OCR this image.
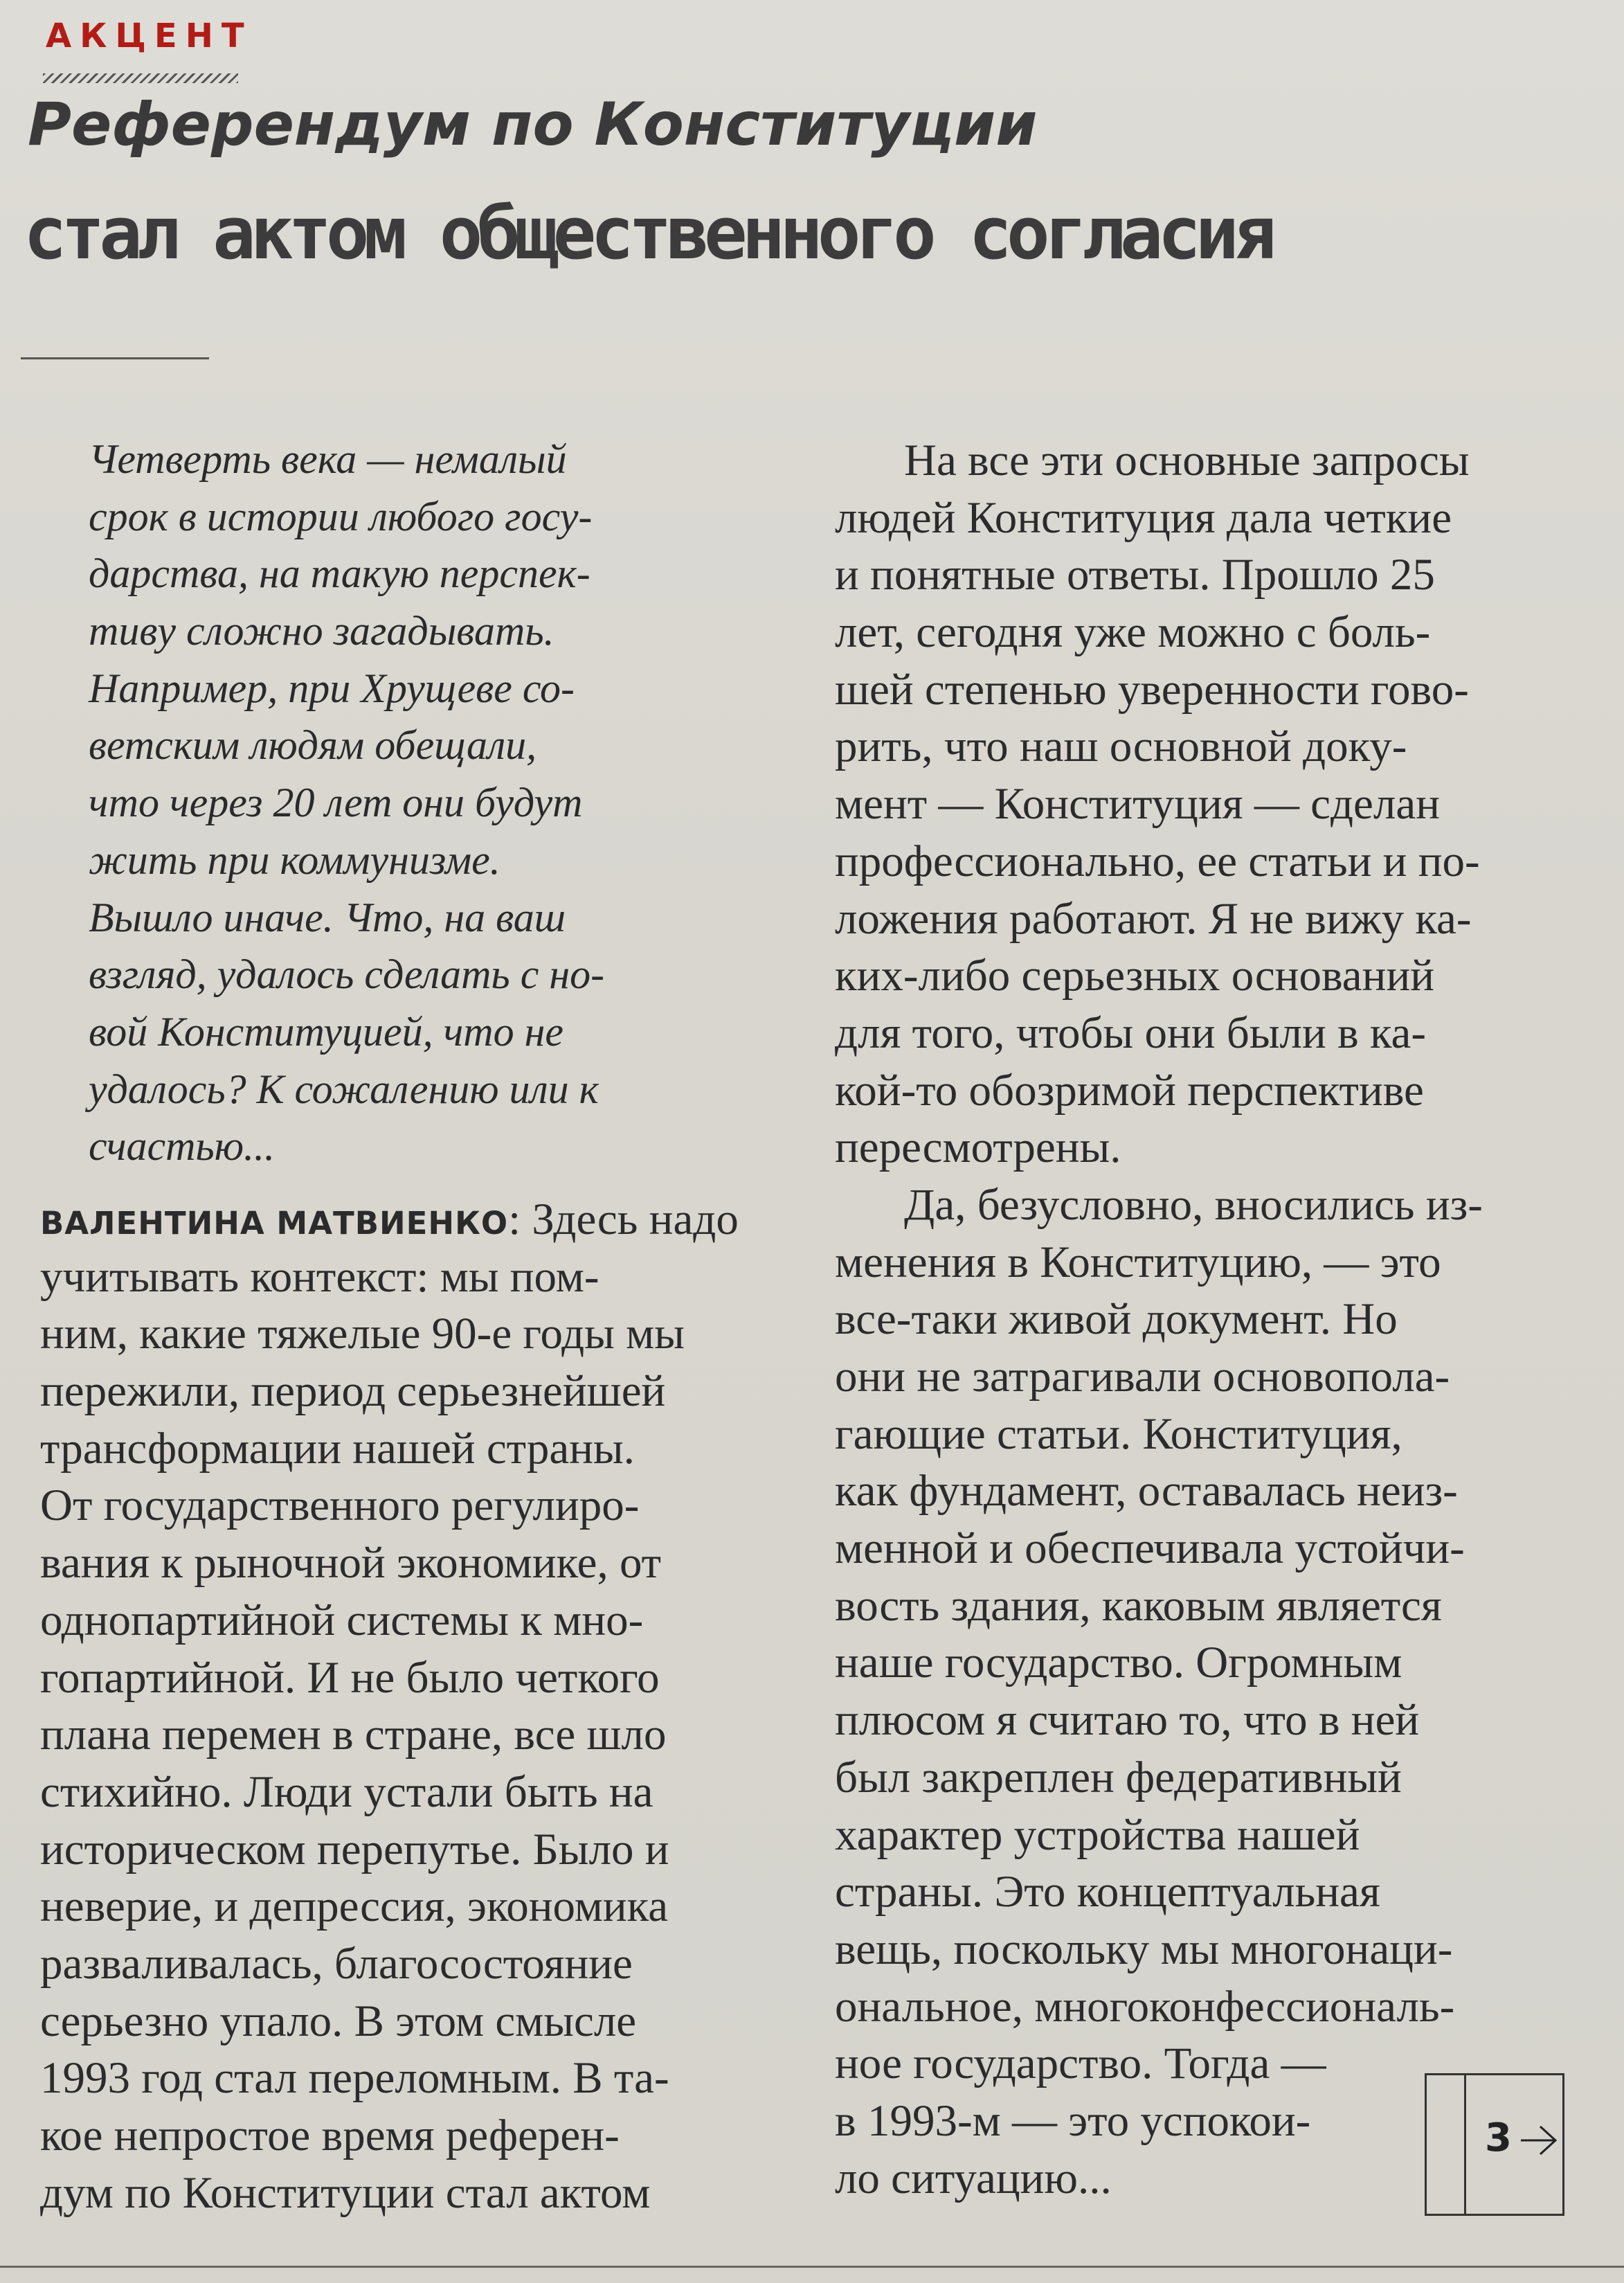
АКЦЕНТ
Референдум по Конституции
стал актом общественного согласия
Четверть века — немалый
срок в истории любого госу-
дарства, на такую перспек-
тиву сложно загадывать.
Например, при Хрущеве со-
ветским людям обещали,
что через 20 лет они будут
жить при коммунизме.
Вышло иначе. Что, на ваш
взгляд, удалось сделать с но-
вой Конституцией, что не
удалось? К сожалению или к
счастью...
ВАЛЕНТИНА МАТВИЕНКО: Здесь надо
учитывать контекст: мы пом-
ним, какие тяжелые 90-е годы мы
пережили, период серьезнейшей
трансформации нашей страны.
От государственного регулиро-
вания к рыночной экономике, от
однопартийной системы к мно-
гопартийной. И не было четкого
плана перемен в стране, все шло
стихийно. Люди устали быть на
историческом перепутье. Было и
неверие, и депрессия, экономика
разваливалась, благосостояние
серьезно упало. В этом смысле
1993 год стал переломным. В та-
кое непростое время референ-
дум по Конституции стал актом
На все эти основные запросы
людей Конституция дала четкие
и понятные ответы. Прошло 25
лет, сегодня уже можно с боль-
шей степенью уверенности гово-
рить, что наш основной доку-
мент — Конституция — сделан
профессионально, ее статьи и по-
ложения работают. Я не вижу ка-
ких-либо серьезных оснований
для того, чтобы они были в ка-
кой-то обозримой перспективе
пересмотрены.
Да, безусловно, вносились из-
менения в Конституцию, — это
все-таки живой документ. Но
они не затрагивали основопола-
гающие статьи. Конституция,
как фундамент, оставалась неиз-
менной и обеспечивала устойчи-
вость здания, каковым является
наше государство. Огромным
плюсом я считаю то, что в ней
был закреплен федеративный
характер устройства нашей
страны. Это концептуальная
вещь, поскольку мы многонаци-
ональное, многоконфессиональ-
ное государство. Тогда —
в 1993-м — это успокои-
ло ситуацию...
3
